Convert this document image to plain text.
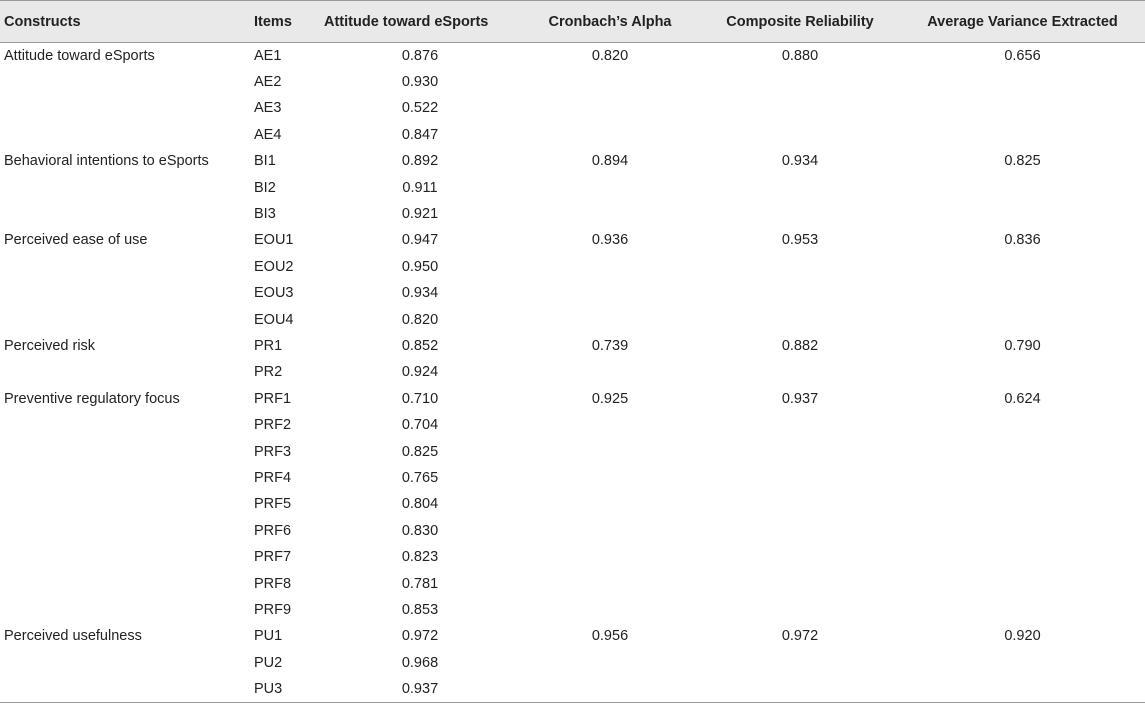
Constructs	Items	Attitude toward eSports	Cronbach’s Alpha	Composite Reliability	Average Variance Extracted
Attitude toward eSports	AE1	0.876	0.820	0.880	0.656
	AE2	0.930			
	AE3	0.522			
	AE4	0.847			
Behavioral intentions to eSports	BI1	0.892	0.894	0.934	0.825
	BI2	0.911			
	BI3	0.921			
Perceived ease of use	EOU1	0.947	0.936	0.953	0.836
	EOU2	0.950			
	EOU3	0.934			
	EOU4	0.820			
Perceived risk	PR1	0.852	0.739	0.882	0.790
	PR2	0.924			
Preventive regulatory focus	PRF1	0.710	0.925	0.937	0.624
	PRF2	0.704			
	PRF3	0.825			
	PRF4	0.765			
	PRF5	0.804			
	PRF6	0.830			
	PRF7	0.823			
	PRF8	0.781			
	PRF9	0.853			
Perceived usefulness	PU1	0.972	0.956	0.972	0.920
	PU2	0.968			
	PU3	0.937			
